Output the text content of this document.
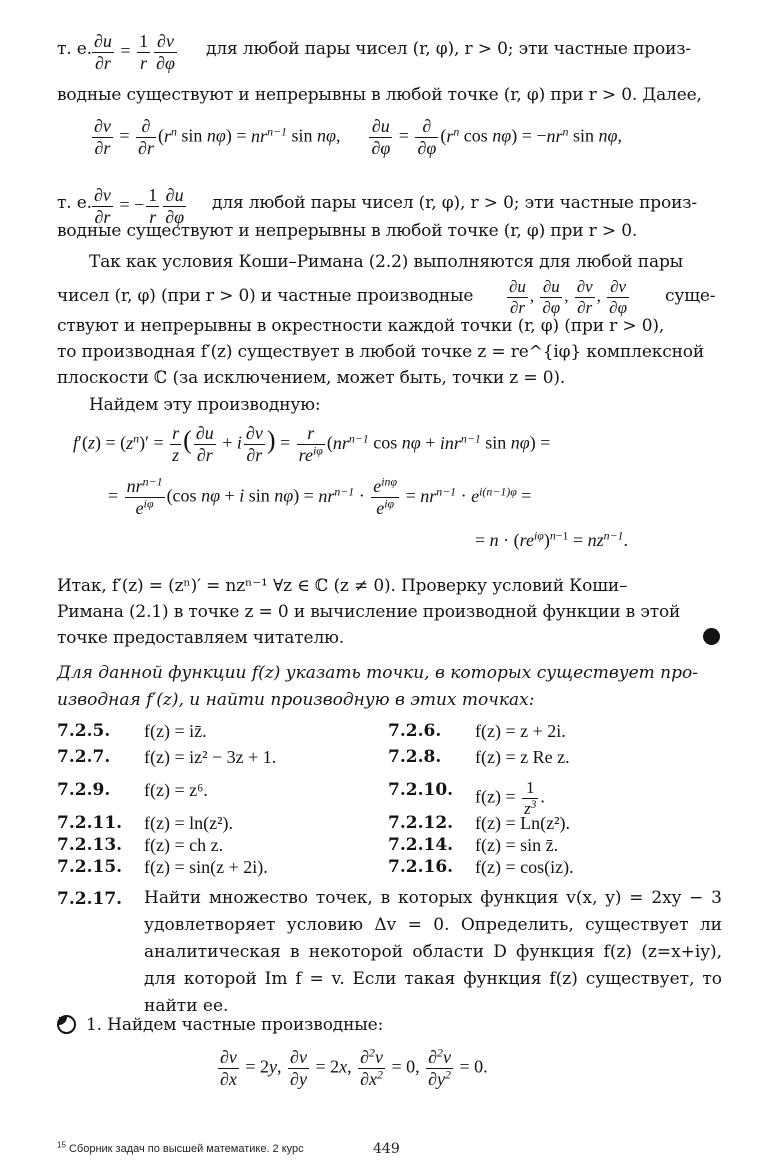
т. е. $\frac{\partial u}{\partial r} = \frac{1}{r} \frac{\partial v}{\partial\varphi}$ для любой пары чисел (r, φ), r > 0; эти частные произ-
водные существуют и непрерывны в любой точке (r, φ) при r > 0. Далее,
$\frac{\partial v}{\partial r} = \frac{\partial}{\partial r} (r^n$ $\sin n\varphi) = nr^{n-1}$ sin nφ, $\frac{\partial u}{\partial\varphi} = \frac{\partial}{\partial\varphi} (r^n$ $\cos n\varphi) = -nr^n$ sin nφ,
т. е. $\frac{\partial v}{\partial r}$ = − $\frac{1}{r} \frac{\partial u}{\partial\varphi}$ для любой пары чисел (r, φ), r > 0; эти частные произ-
водные существуют и непрерывны в любой точке (r, φ) при r > 0.
Так как условия Коши–Римана (2.2) выполняются для любой пары
чисел (r, φ) (при r > 0) и частные производные $\frac{\partial u}{\partial r}$ , $\frac{\partial u}{\partial\varphi}$ , $\frac{\partial v}{\partial r}$ , $\frac{\partial v}{\partial\varphi}$ суще-
ствуют и непрерывны в окрестности каждой точки (r, φ) (при r > 0),
то производная f′(z) существует в любой точке z = re^{iφ} комплексной
плоскости ℂ (за исключением, может быть, точки z = 0).
Найдем эту производную:
$f'(z) = (z^n)' = \frac{r}{z}$ ( $\frac{\partial u}{\partial r} + i \frac{\partial v}{\partial r}$ ) = $\frac{r}{re^{i\varphi}} (nr^{n-1}$ cos nφ + inr$^{n-1}$ sin nφ) =
= $\frac{nr^{n-1}}{e^{i\varphi}} (\cos$ nφ + i $\sin n\varphi) = nr^{n-1} \cdot \frac{e^{in\varphi}}{e^{i\varphi}} = nr^{n-1} \cdot e^{i(n-1)\varphi}$ =
= $n \cdot (re^{i\varphi})^{n-1} = nz^{n-1}$.
Итак, f′(z) = (zⁿ)′ = nzⁿ⁻¹ ∀z ∈ ℂ (z ≠ 0). Проверку условий Коши–
Римана (2.1) в точке z = 0 и вычисление производной функции в этой
точке предоставляем читателю.
Для данной функции f(z) указать точки, в которых существует про-изводная f′(z), и найти производную в этих точках:
7.2.5. f(z) = iz̄.	7.2.6. f(z) = z + 2i.
7.2.7. f(z) = iz² − 3z + 1.	7.2.8. f(z) = z Re z.
7.2.9. f(z) = z⁶.	7.2.10. $f(z) = \frac{1}{z^3}$ .
7.2.11. f(z) = ln(z²).	7.2.12. f(z) = Ln(z²).
7.2.13. f(z) = ch z.	7.2.14. f(z) = sin z̄.
7.2.15. f(z) = sin(z + 2i).	7.2.16. f(z) = cos(iz).
7.2.17. Найти множество точек, в которых функция v(x, y) = 2xy − 3 удовлетворяет условию Δv = 0. Определить, существует ли аналитическая в некоторой области D функция f(z) (z=x+iy), для которой Im f = v. Если такая функция f(z) существует, то найти ее.
1. Найдем частные производные:
$\frac{\partial v}{\partial x} = 2y$, $\frac{\partial v}{\partial y} = 2x$, $\frac{\partial^2v}{\partial x^2} = 0$, $\frac{\partial^2v}{\partial y^2} = 0$.
$^{15}$ Сборник задач по высшей математике. 2 курс	449
